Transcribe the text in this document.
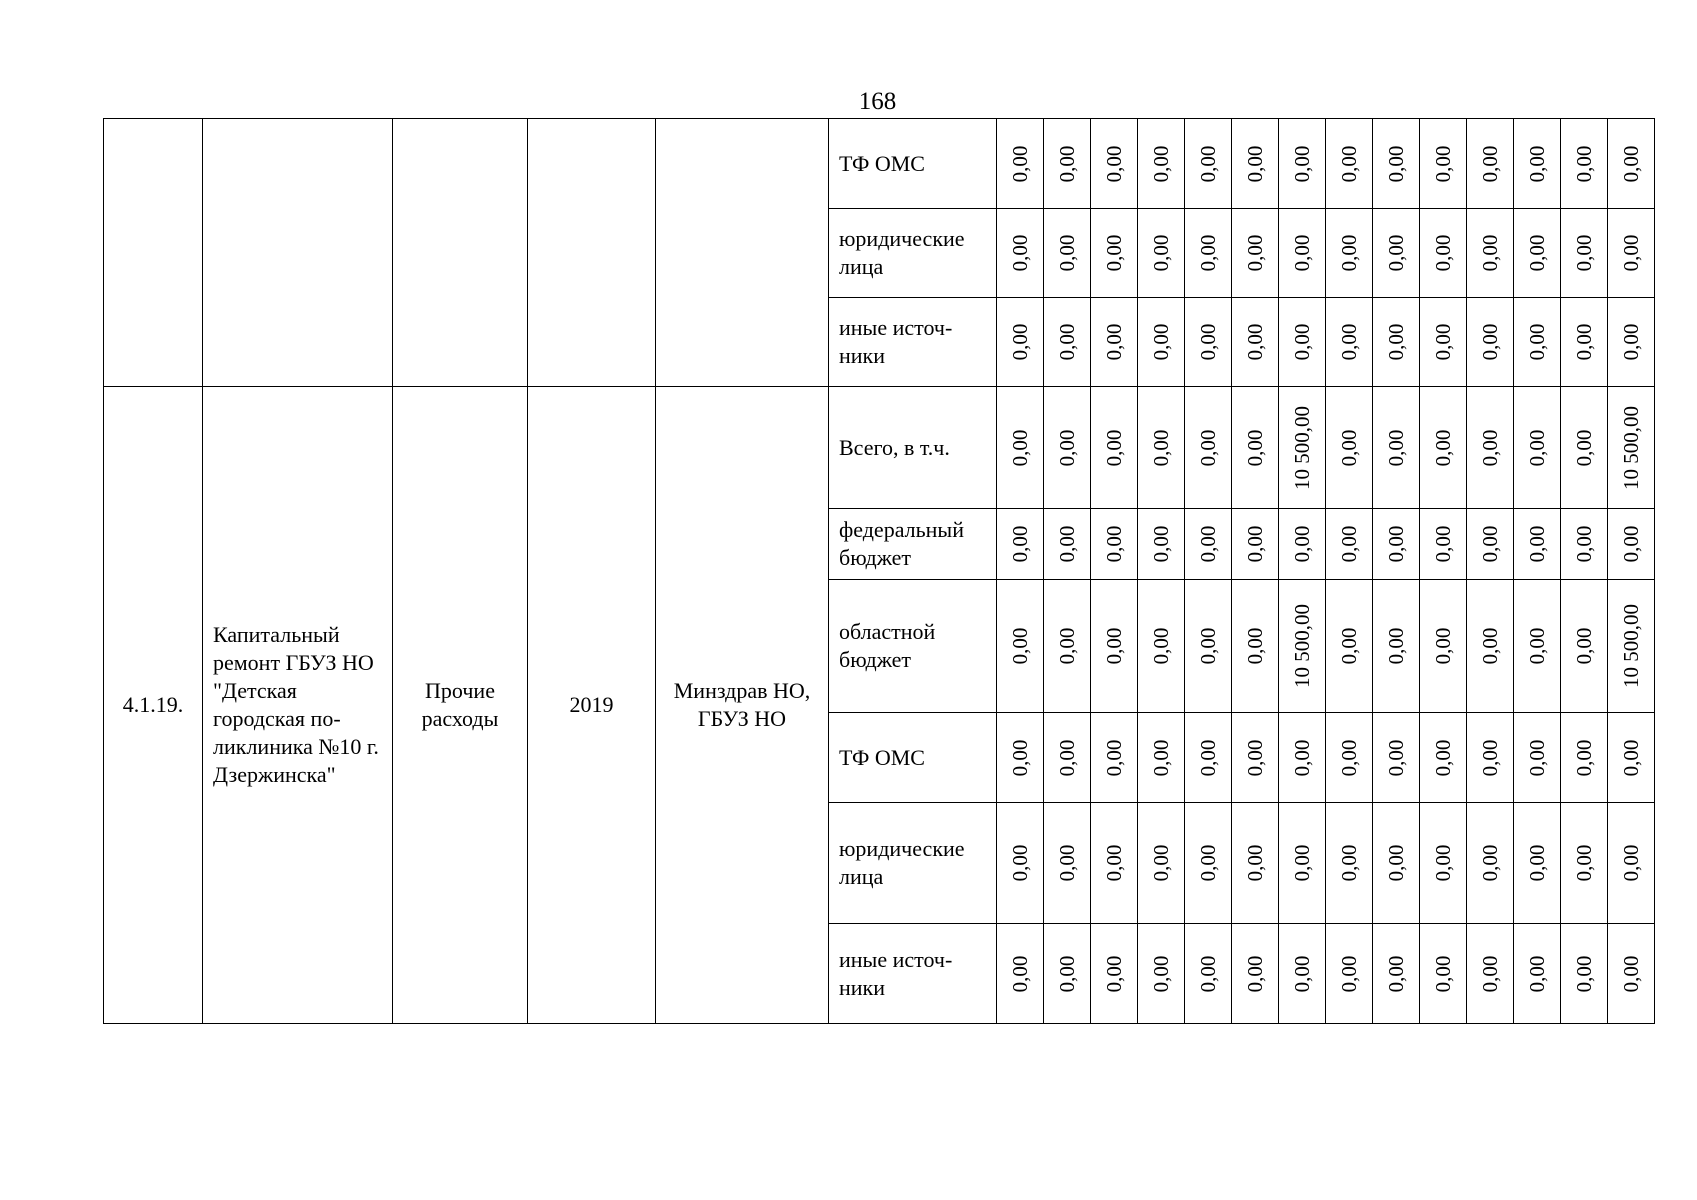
168
					ТФ ОМС	0,00	0,00	0,00	0,00	0,00	0,00	0,00	0,00	0,00	0,00	0,00	0,00	0,00	0,00

					юридические лица	0,00	0,00	0,00	0,00	0,00	0,00	0,00	0,00	0,00	0,00	0,00	0,00	0,00	0,00

					иные источ-ники	0,00	0,00	0,00	0,00	0,00	0,00	0,00	0,00	0,00	0,00	0,00	0,00	0,00	0,00

4.1.19.	Капитальный ремонт ГБУЗ НО "Детская городская по-ликлиника №10 г. Дзержинска"	Прочие расходы	2019	Минздрав НО, ГБУЗ НО	Всего, в т.ч.	0,00	0,00	0,00	0,00	0,00	0,00	10 500,00	0,00	0,00	0,00	0,00	0,00	0,00	10 500,00

					федеральный бюджет	0,00	0,00	0,00	0,00	0,00	0,00	0,00	0,00	0,00	0,00	0,00	0,00	0,00	0,00

					областной бюджет	0,00	0,00	0,00	0,00	0,00	0,00	10 500,00	0,00	0,00	0,00	0,00	0,00	0,00	10 500,00

					ТФ ОМС	0,00	0,00	0,00	0,00	0,00	0,00	0,00	0,00	0,00	0,00	0,00	0,00	0,00	0,00

					юридические лица	0,00	0,00	0,00	0,00	0,00	0,00	0,00	0,00	0,00	0,00	0,00	0,00	0,00	0,00

					иные источ-ники	0,00	0,00	0,00	0,00	0,00	0,00	0,00	0,00	0,00	0,00	0,00	0,00	0,00	0,00
